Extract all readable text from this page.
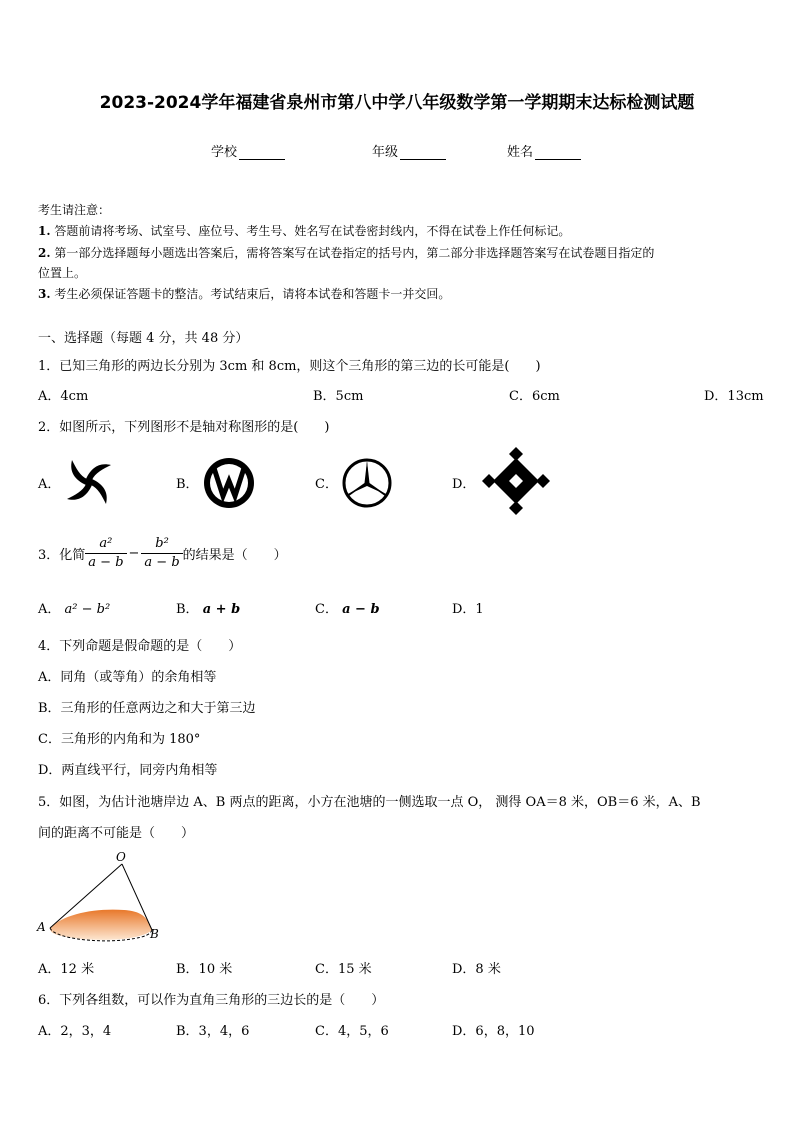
2023-2024学年福建省泉州市第八中学八年级数学第一学期期末达标检测试题
学校	年级	姓名
考生请注意：
1. 答题前请将考场、试室号、座位号、考生号、姓名写在试卷密封线内，不得在试卷上作任何标记。
2. 第一部分选择题每小题选出答案后，需将答案写在试卷指定的括号内，第二部分非选择题答案写在试卷题目指定的
位置上。
3. 考生必须保证答题卡的整洁。考试结束后，请将本试卷和答题卡一并交回。
一、选择题（每题 4 分，共 48 分）
1．已知三角形的两边长分别为 3cm 和 8cm，则这个三角形的第三边的长可能是(　　)
A．4cm	B．5cm	C．6cm	D．13cm
2．如图所示，下列图形不是轴对称图形的是(　　)
A．	B．	C．	D．
3．化简 $\frac{\text{a²}}{a - b} - \frac{\text{b²}}{a - b}$ 的结果是（　　）
A． a² − b²	B． a + b	C． a − b	D．1
4．下列命题是假命题的是（　　）
A．同角（或等角）的余角相等
B．三角形的任意两边之和大于第三边
C．三角形的内角和为 180°
D．两直线平行，同旁内角相等
5．如图，为估计池塘岸边 A、B 两点的距离，小方在池塘的一侧选取一点 O， 测得 OA＝8 米，OB＝6 米，A、B
间的距离不可能是（　　）
O
A	B
A．12 米	B．10 米	C．15 米	D．8 米
6．下列各组数，可以作为直角三角形的三边长的是（　　）
A．2，3，4	B．3，4，6	C．4，5，6	D．6，8，10
